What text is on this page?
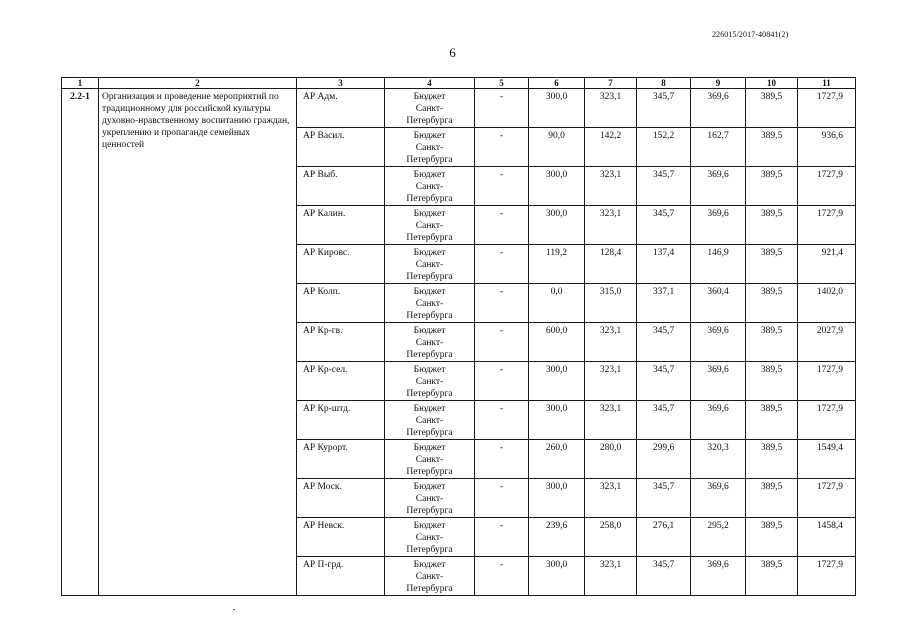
226015/2017-40841(2)
6
1	2	3	4	5	6	7	8	9	10	11
2.2-1	Организация и проведение мероприятий по традиционному для российской культуры духовно-нравственному воспитанию граждан, укреплению и пропаганде семейных ценностей	АР Адм.	Бюджет
Санкт-
Петербурга	-	300,0	323,1	345,7	369,6	389,5	1727,9
		АР Васил.	Бюджет
Санкт-
Петербурга	-	90,0	142,2	152,2	162,7	389,5	936,6
		АР Выб.	Бюджет
Санкт-
Петербурга	-	300,0	323,1	345,7	369,6	389,5	1727,9
		АР Калин.	Бюджет
Санкт-
Петербурга	-	300,0	323,1	345,7	369,6	389,5	1727,9
		АР Кировс.	Бюджет
Санкт-
Петербурга	-	119,2	128,4	137,4	146,9	389,5	921,4
		АР Колп.	Бюджет
Санкт-
Петербурга	-	0,0	315,0	337,1	360,4	389,5	1402,0
		АР Кр-гв.	Бюджет
Санкт-
Петербурга	-	600,0	323,1	345,7	369,6	389,5	2027,9
		АР Кр-сел.	Бюджет
Санкт-
Петербурга	-	300,0	323,1	345,7	369,6	389,5	1727,9
		АР Кр-штд.	Бюджет
Санкт-
Петербурга	-	300,0	323,1	345,7	369,6	389,5	1727,9
		АР Курорт.	Бюджет
Санкт-
Петербурга	-	260,0	280,0	299,6	320,3	389,5	1549,4
		АР Моск.	Бюджет
Санкт-
Петербурга	-	300,0	323,1	345,7	369,6	389,5	1727,9
		АР Невск.	Бюджет
Санкт-
Петербурга	-	239,6	258,0	276,1	295,2	389,5	1458,4
		АР П-грд.	Бюджет
Санкт-
Петербурга	-	300,0	323,1	345,7	369,6	389,5	1727,9
